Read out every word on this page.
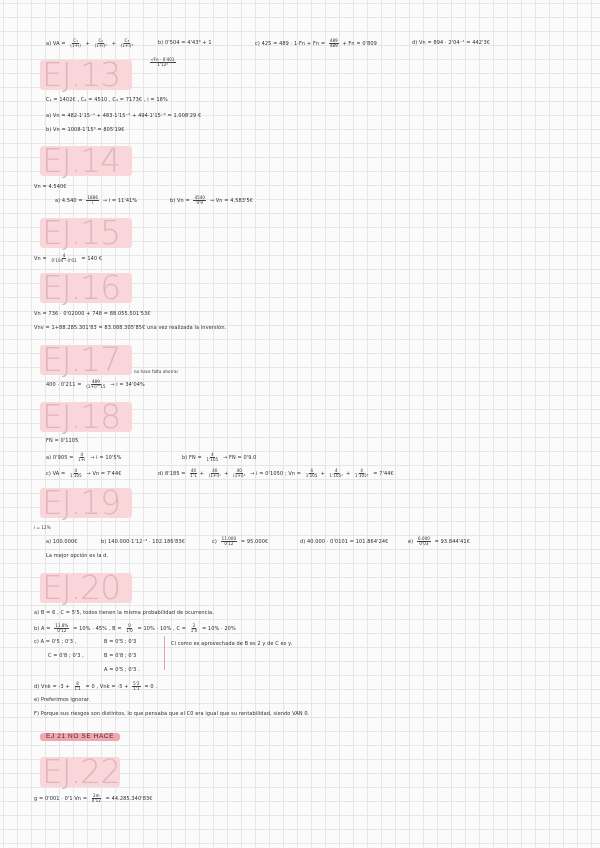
a) VA = $\frac{\text{C₁}}{(1+i)} + \frac{\text{C₂}}{\text{(1+i)²}} + \frac{\text{C₃}}{\text{(1+i)³}}$	b) 0'504 = 4'43³ + 1	c) $425 = 489 \cdot 1\cdot Fn + Fn = \frac{489}{489} + Fn = 0'809$	d) Vn = 894 · 2'04⁻¹ = 442'3€
$\frac{√Fn \cdot 0'401}{\text{1'12²}}$
EJ.13
C₁ = 1402€ , C₂ = 4510 , C₃ = 7173€ , i = 18%
a) Vn = 482·1'15⁻¹ + 483·1'15⁻² + 494·1'15⁻³ = 1.008'29 €
b) Vn = 1008·1'15³ = 805'19€
EJ.14
Vn = 4.540€
a) $4.540 = \frac{1886}{i} \to i = 11'41\%$	b) $Vn = \frac{4540}{0'9} \to Vn$ = 4.583'5€
EJ.15
$Vn = \frac{4}{0'104 - 0'01} = 140$ €
EJ.16
Vn = 736 · 0'02000 + 748 = 88.055.501'53€
Vnv = 1+88.285.301'83 = 83.088.305'85€ una vez realizada la inversión.
EJ.17	no hace falta ahorrar
$400 \cdot 0'211 = \frac{489}{(1+i)\^{}15} \to i = 34'04\%$
EJ.18
FN = 0'1105
a) $0'905 = \frac{4}{1+i} \to i = 10'5\%$	b) FN = $\frac{4}{1'105}$ → FN = 0'9.0
c) VA = $\frac{4}{1'105} \to Vn$ = 7'44€	d) $8'185 = \frac{40}{1'1} + \frac{40}{\text{(1+i)²}} + \frac{40}{\text{(1+i)³}} \to i = 0'1050$ ; $Vn = \frac{4}{1'105} + \frac{4}{\text{1'105²}} + \frac{4}{\text{1'105³}}$ = 7'44€
EJ.19
i = 12%
a) 100.000€	b) 140.000·1'12⁻³ · 102.186'83€	$c) \frac{11.000}{0'12}$ = 95.000€	d) 40.000 · 0'0101 = 101.864'24€	$e) \frac{6.000}{0'03}$ = 93.844'41€
La mejor opción es la d.
EJ.20
a) B = 6 , C = 5'5, todos tienen la misma probabilidad de ocurrencia.
b) $A = \frac{11.8\%}{0'12} = 10\% \cdot 45\%$ , $B = \frac{0}{1'0} = 10\% \cdot 10\%$ , $C = \frac{2}{1'0} = 10\% \cdot 20\%$
c) A = 0'5 ; 0'3 ,	B = 0'5 ; 0'3
C = 0'8 ; 0'3 ,	B = 0'8 ; 0'3
A = 0'5 ; 0'3 .
Ci como es aprovechada de B es 2 y de C es y.
d) Vnk = $-3 + \frac{8}{1'1} = 0$ , Vnk = $-5 + \frac{5'2}{1'1} = 0$ .
e) Preferimos ignorar.
F) Porque sus riesgos son distintos, lo que pensaba que el C0 era igual que su rentabilidad, siendo VAN 0.
EJ 21 NO SE HACE
EJ.22
g = 0'001 · 0'1 $Vn = \frac{2m}{0'12}$ = 44.285.340'83€
